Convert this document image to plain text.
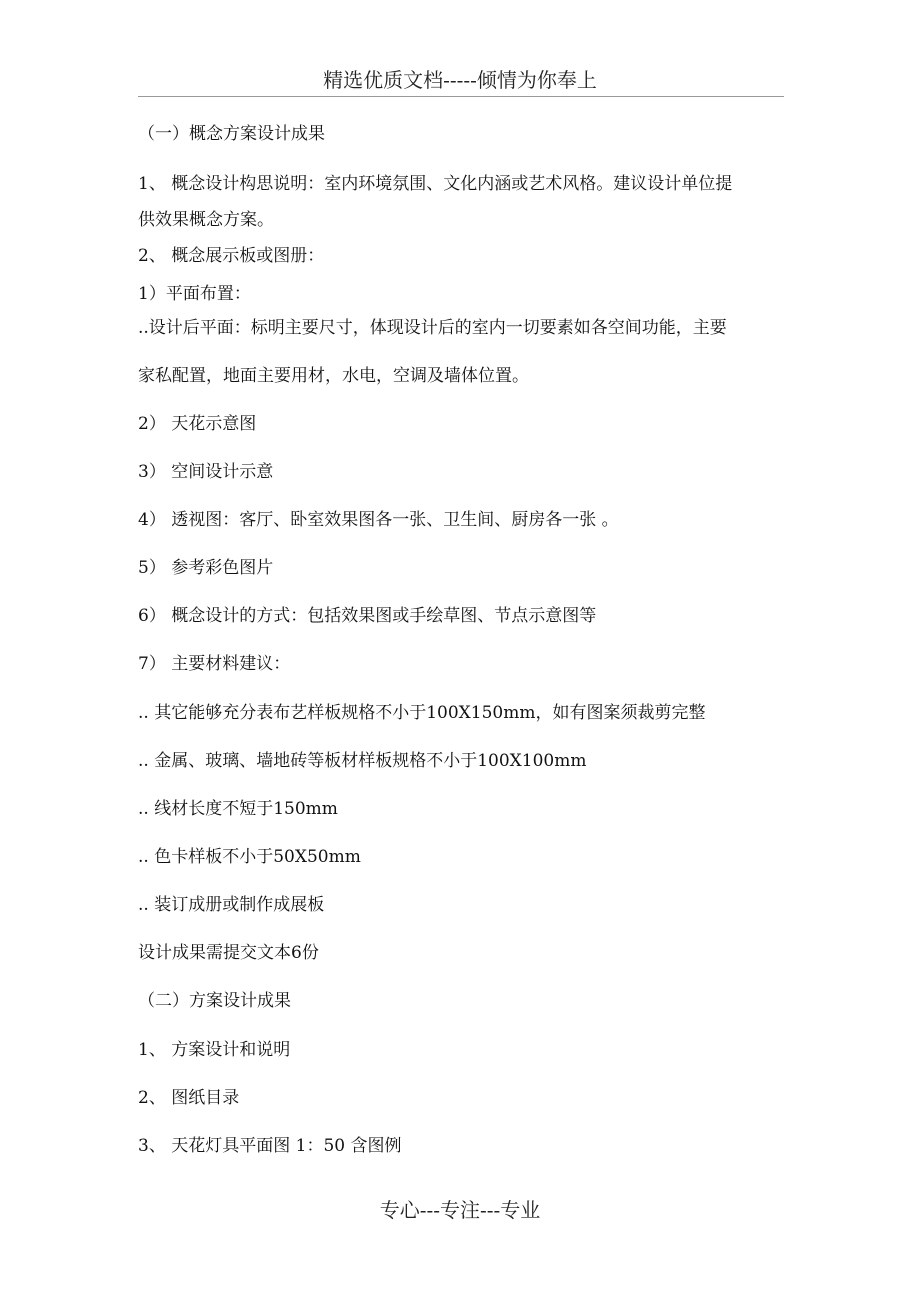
精选优质文档-----倾情为你奉上
（一）概念方案设计成果
1、 概念设计构思说明：室内环境氛围、文化内涵或艺术风格。建议设计单位提
供效果概念方案。
2、 概念展示板或图册：
1）平面布置：
..设计后平面：标明主要尺寸，体现设计后的室内一切要素如各空间功能，主要
家私配置，地面主要用材，水电，空调及墙体位置。
2） 天花示意图
3） 空间设计示意
4） 透视图：客厅、卧室效果图各一张、卫生间、厨房各一张 。
5） 参考彩色图片
6） 概念设计的方式：包括效果图或手绘草图、节点示意图等
7） 主要材料建议：
.. 其它能够充分表布艺样板规格不小于100X150mm，如有图案须裁剪完整
.. 金属、玻璃、墙地砖等板材样板规格不小于100X100mm
.. 线材长度不短于150mm
.. 色卡样板不小于50X50mm
.. 装订成册或制作成展板
设计成果需提交文本6份
（二）方案设计成果
1、 方案设计和说明
2、 图纸目录
3、 天花灯具平面图 1：50 含图例
专心---专注---专业
